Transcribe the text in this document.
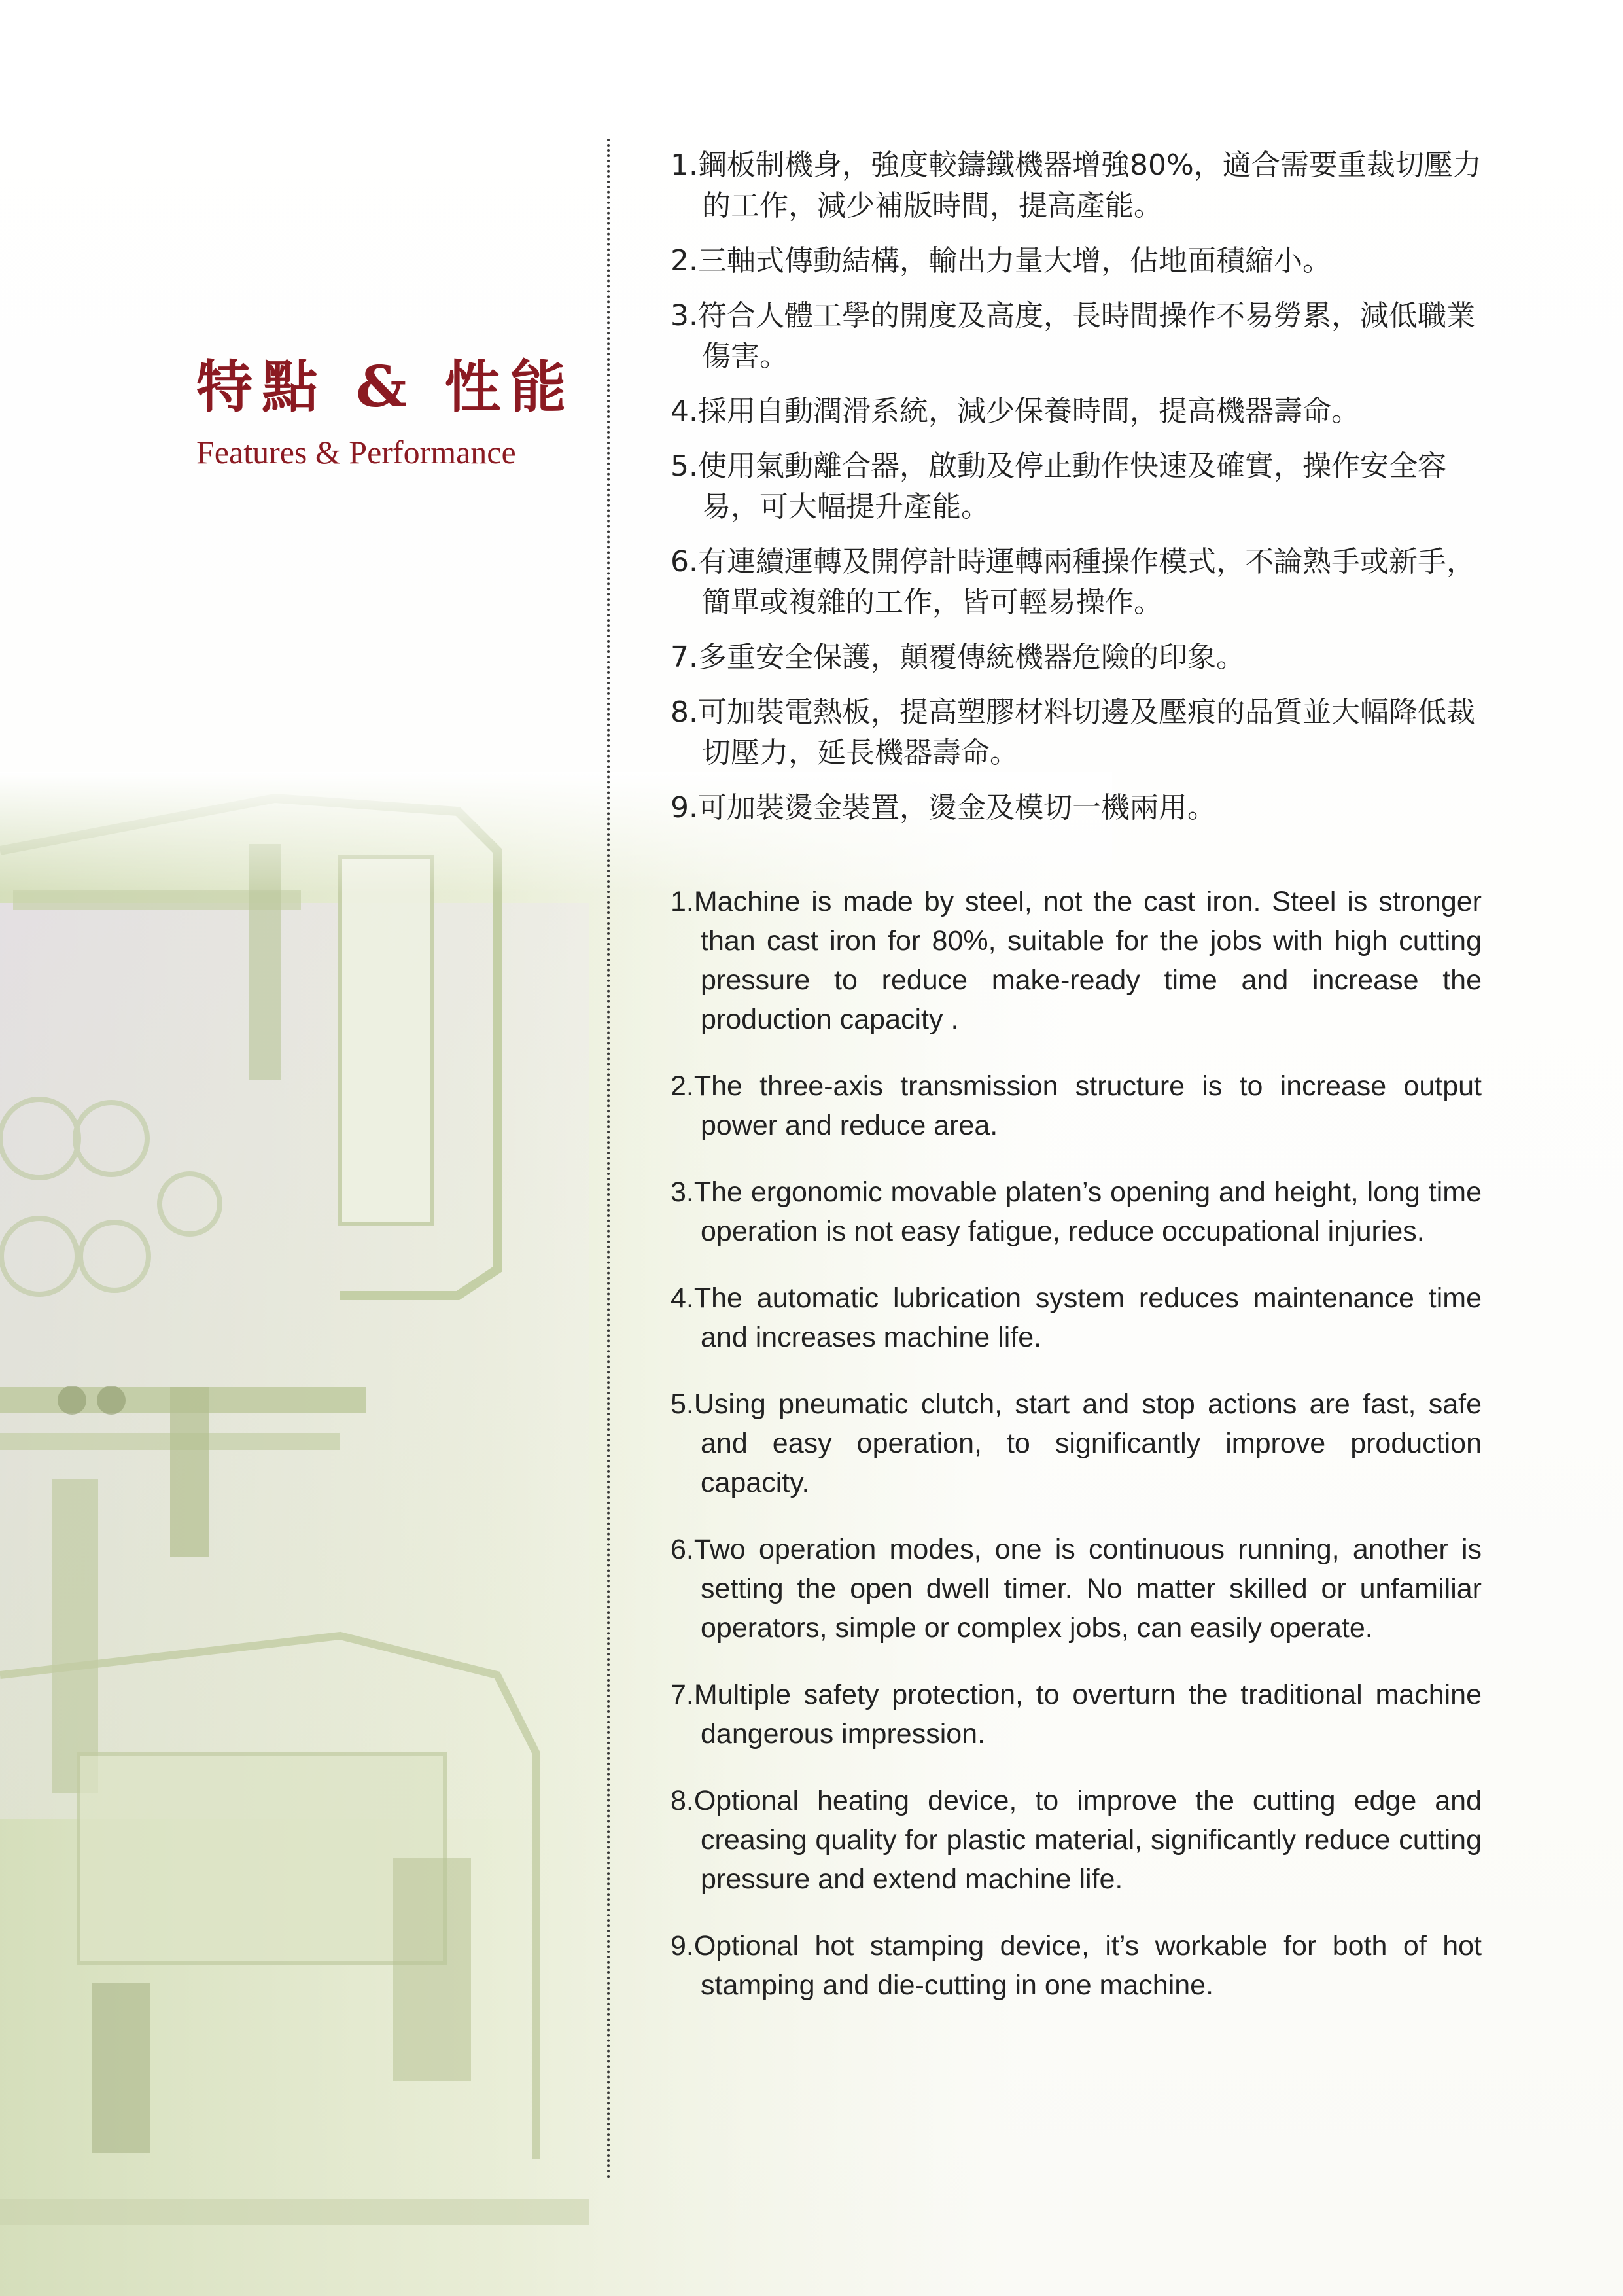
特點 & 性能
Features & Performance
1.鋼板制機身，強度較鑄鐵機器增強80%，適合需要重裁切壓力的工作，減少補版時間，提高產能。
2.三軸式傳動結構，輸出力量大增，佔地面積縮小。
3.符合人體工學的開度及高度，長時間操作不易勞累，減低職業傷害。
4.採用自動潤滑系統，減少保養時間，提高機器壽命。
5.使用氣動離合器，啟動及停止動作快速及確實，操作安全容易，可大幅提升產能。
6.有連續運轉及開停計時運轉兩種操作模式，不論熟手或新手，簡單或複雜的工作，皆可輕易操作。
7.多重安全保護，顛覆傳統機器危險的印象。
8.可加裝電熱板，提高塑膠材料切邊及壓痕的品質並大幅降低裁切壓力，延長機器壽命。
9.可加裝燙金裝置，燙金及模切一機兩用。
1.Machine is made by steel, not the cast iron. Steel is stronger than cast iron for 80%, suitable for the jobs with high cutting pressure to reduce make-ready time and increase the production capacity .
2.The three-axis transmission structure is to increase output power and reduce area.
3.The ergonomic movable platen’s opening and height, long time operation is not easy fatigue, reduce occupational injuries.
4.The automatic lubrication system reduces maintenance time and increases machine life.
5.Using pneumatic clutch, start and stop actions are fast, safe and easy operation, to significantly improve production capacity.
6.Two operation modes, one is continuous running, another is setting the open dwell timer. No matter skilled or unfamiliar operators, simple or complex jobs, can easily operate.
7.Multiple safety protection, to overturn the traditional machine dangerous impression.
8.Optional heating device, to improve the cutting edge and creasing quality for plastic material, significantly reduce cutting pressure and extend machine life.
9.Optional hot stamping device, it’s workable for both of hot stamping and die-cutting in one machine.
